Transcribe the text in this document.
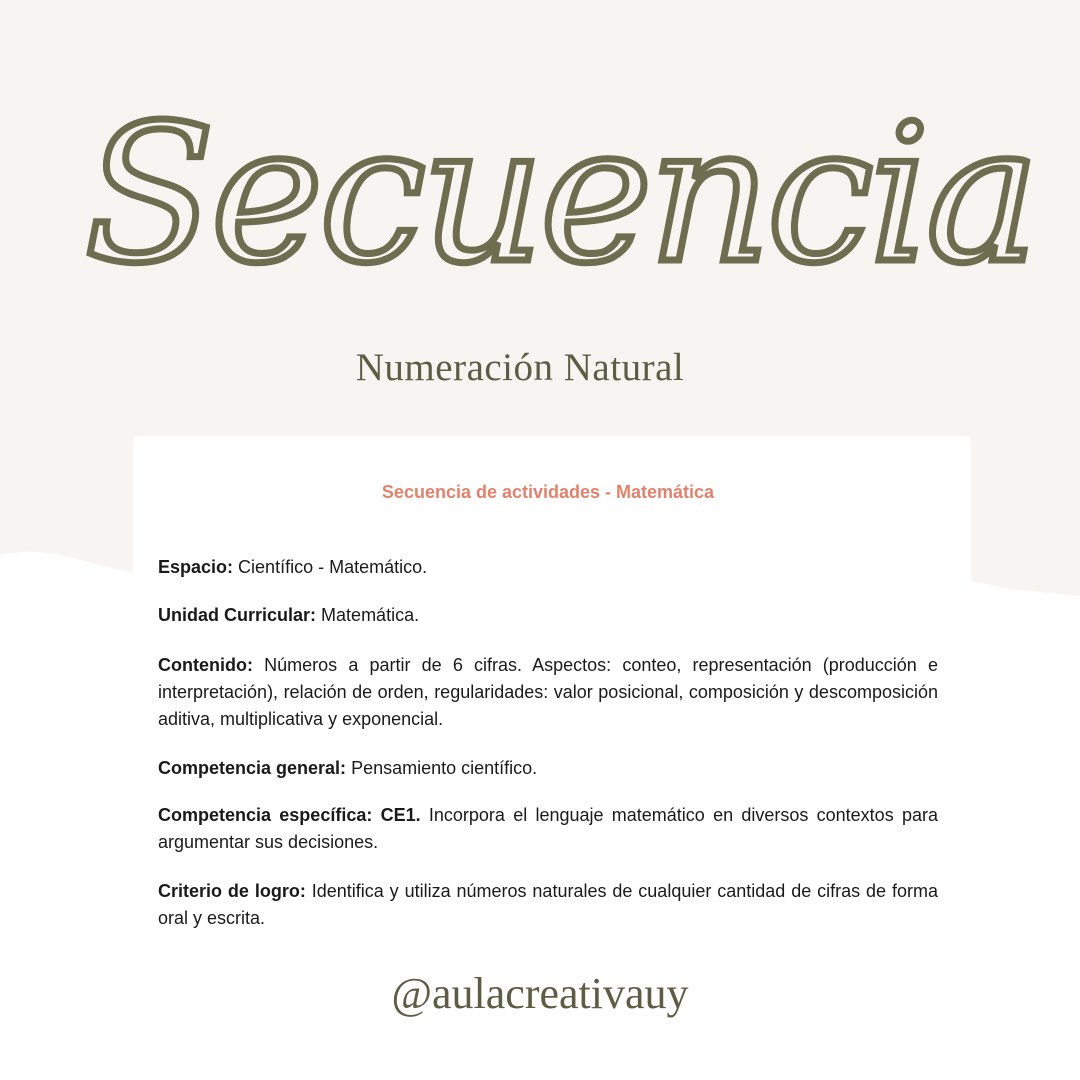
Secuencia
Numeración Natural
Secuencia de actividades - Matemática
Espacio: Científico - Matemático.
Unidad Curricular: Matemática.
Contenido: Números a partir de 6 cifras. Aspectos: conteo, representación (producción e interpretación), relación de orden, regularidades: valor posicional, composición y descomposición aditiva, multiplicativa y exponencial.
Competencia general: Pensamiento científico.
Competencia específica: CE1. Incorpora el lenguaje matemático en diversos contextos para argumentar sus decisiones.
Criterio de logro: Identifica y utiliza números naturales de cualquier cantidad de cifras de forma oral y escrita.
@aulacreativauy
